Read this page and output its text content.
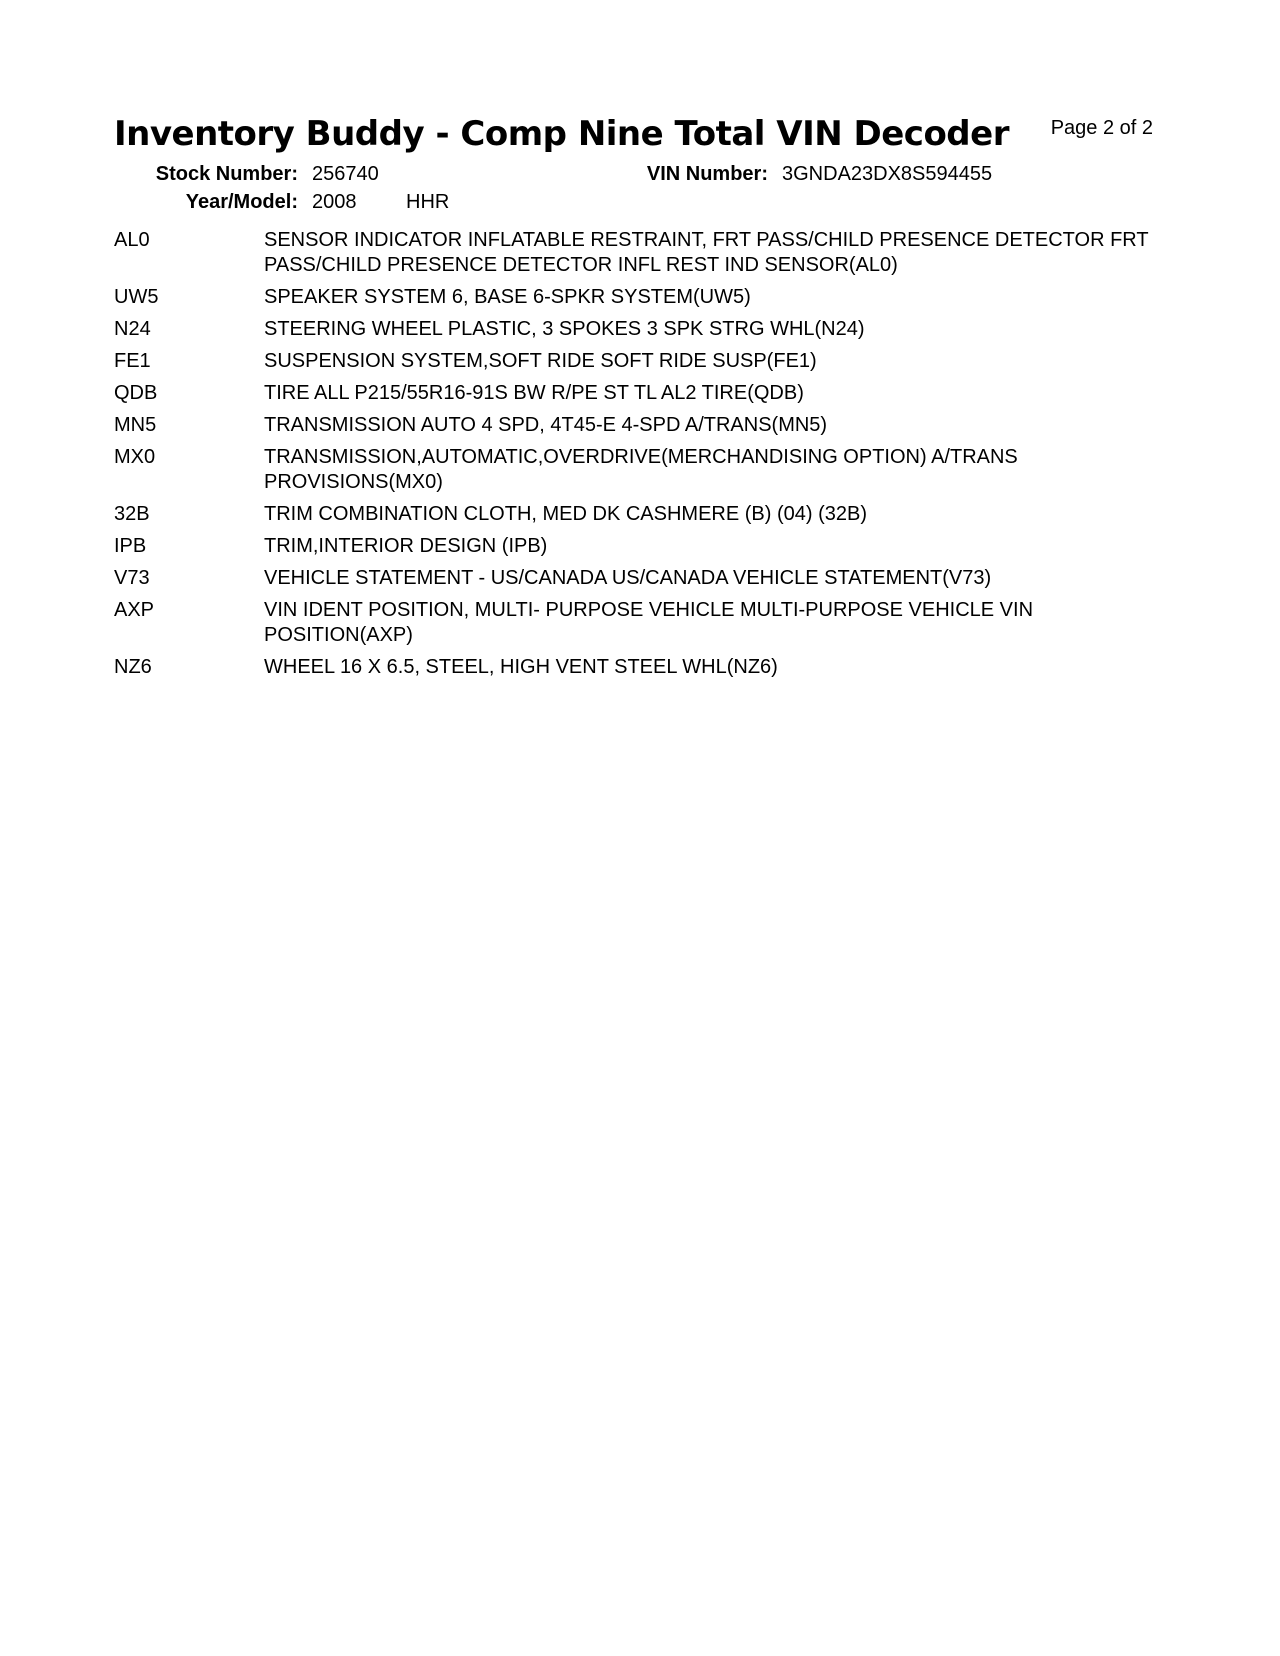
Inventory Buddy - Comp Nine Total VIN Decoder Page 2 of 2
Stock Number: 256740	VIN Number: 3GNDA23DX8S594455
Year/Model: 2008 HHR
AL0	SENSOR INDICATOR INFLATABLE RESTRAINT, FRT PASS/CHILD PRESENCE DETECTOR FRT PASS/CHILD PRESENCE DETECTOR INFL REST IND SENSOR(AL0)
UW5	SPEAKER SYSTEM 6, BASE 6-SPKR SYSTEM(UW5)
N24	STEERING WHEEL PLASTIC, 3 SPOKES 3 SPK STRG WHL(N24)
FE1	SUSPENSION SYSTEM,SOFT RIDE SOFT RIDE SUSP(FE1)
QDB	TIRE ALL P215/55R16-91S BW R/PE ST TL AL2 TIRE(QDB)
MN5	TRANSMISSION AUTO 4 SPD, 4T45-E 4-SPD A/TRANS(MN5)
MX0	TRANSMISSION,AUTOMATIC,OVERDRIVE(MERCHANDISING OPTION) A/TRANS PROVISIONS(MX0)
32B	TRIM COMBINATION CLOTH, MED DK CASHMERE (B) (04) (32B)
IPB	TRIM,INTERIOR DESIGN (IPB)
V73	VEHICLE STATEMENT - US/CANADA US/CANADA VEHICLE STATEMENT(V73)
AXP	VIN IDENT POSITION, MULTI- PURPOSE VEHICLE MULTI-PURPOSE VEHICLE VIN POSITION(AXP)
NZ6	WHEEL 16 X 6.5, STEEL, HIGH VENT STEEL WHL(NZ6)
